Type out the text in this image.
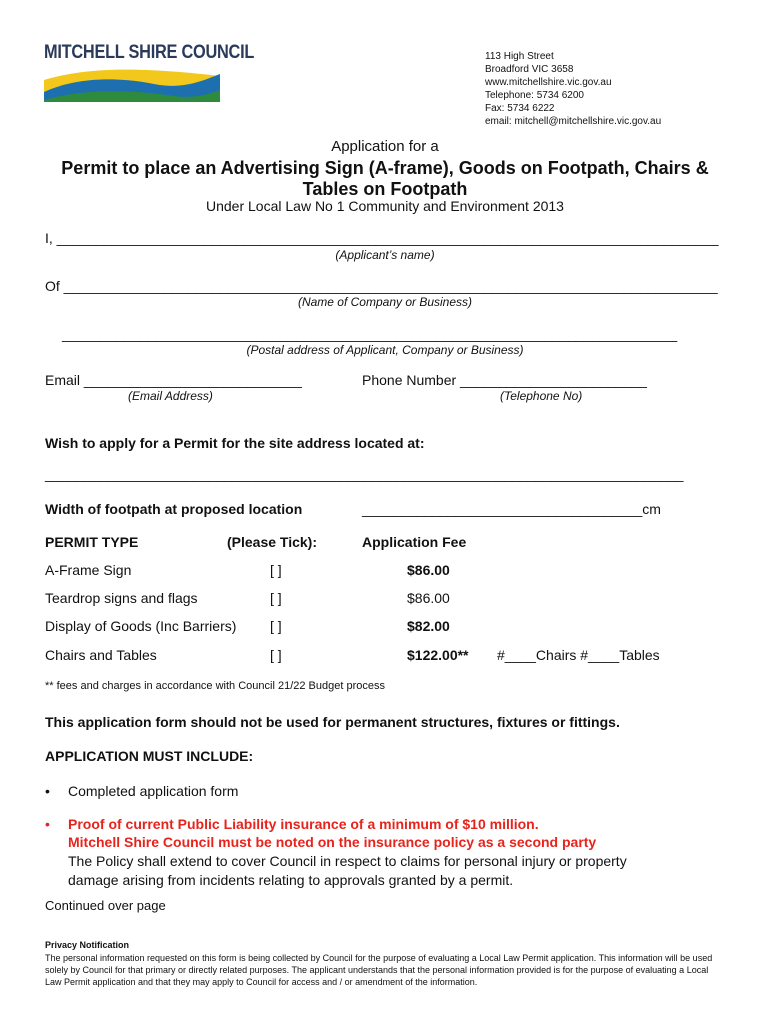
MITCHELL SHIRE COUNCIL	113 High Street
Broadford VIC 3658
www.mitchellshire.vic.gov.au
Telephone: 5734 6200
Fax: 5734 6222
email: mitchell@mitchellshire.vic.gov.au
Application for a
Permit to place an Advertising Sign (A-frame), Goods on Footpath, Chairs & Tables on Footpath
Under Local Law No 1 Community and Environment 2013
I, _____________________________________________________________________________________
(Applicant’s name)
Of ____________________________________________________________________________________
(Name of Company or Business)
_______________________________________________________________________________
(Postal address of Applicant, Company or Business)
Email ____________________________
(Email Address)
Phone Number ________________________
(Telephone No)
Wish to apply for a Permit for the site address located at:
__________________________________________________________________________________
Width of footpath at proposed location	____________________________________cm
PERMIT TYPE	(Please Tick):	Application Fee
A-Frame Sign	[ ]	$86.00
Teardrop signs and flags	[ ]	$86.00
Display of Goods (Inc Barriers) [ ]	$82.00
Chairs and Tables	[ ]	$122.00** #____Chairs #____Tables
** fees and charges in accordance with Council 21/22 Budget process
This application form should not be used for permanent structures, fixtures or fittings.
APPLICATION MUST INCLUDE:
• Completed application form
• Proof of current Public Liability insurance of a minimum of $10 million.
Mitchell Shire Council must be noted on the insurance policy as a second party
The Policy shall extend to cover Council in respect to claims for personal injury or property
damage arising from incidents relating to approvals granted by a permit.
Continued over page
Privacy Notification
The personal information requested on this form is being collected by Council for the purpose of evaluating a Local Law Permit application. This information will be used solely by Council for that primary or directly related purposes. The applicant understands that the personal information provided is for the purpose of evaluating a Local Law Permit application and that they may apply to Council for access and / or amendment of the information.
